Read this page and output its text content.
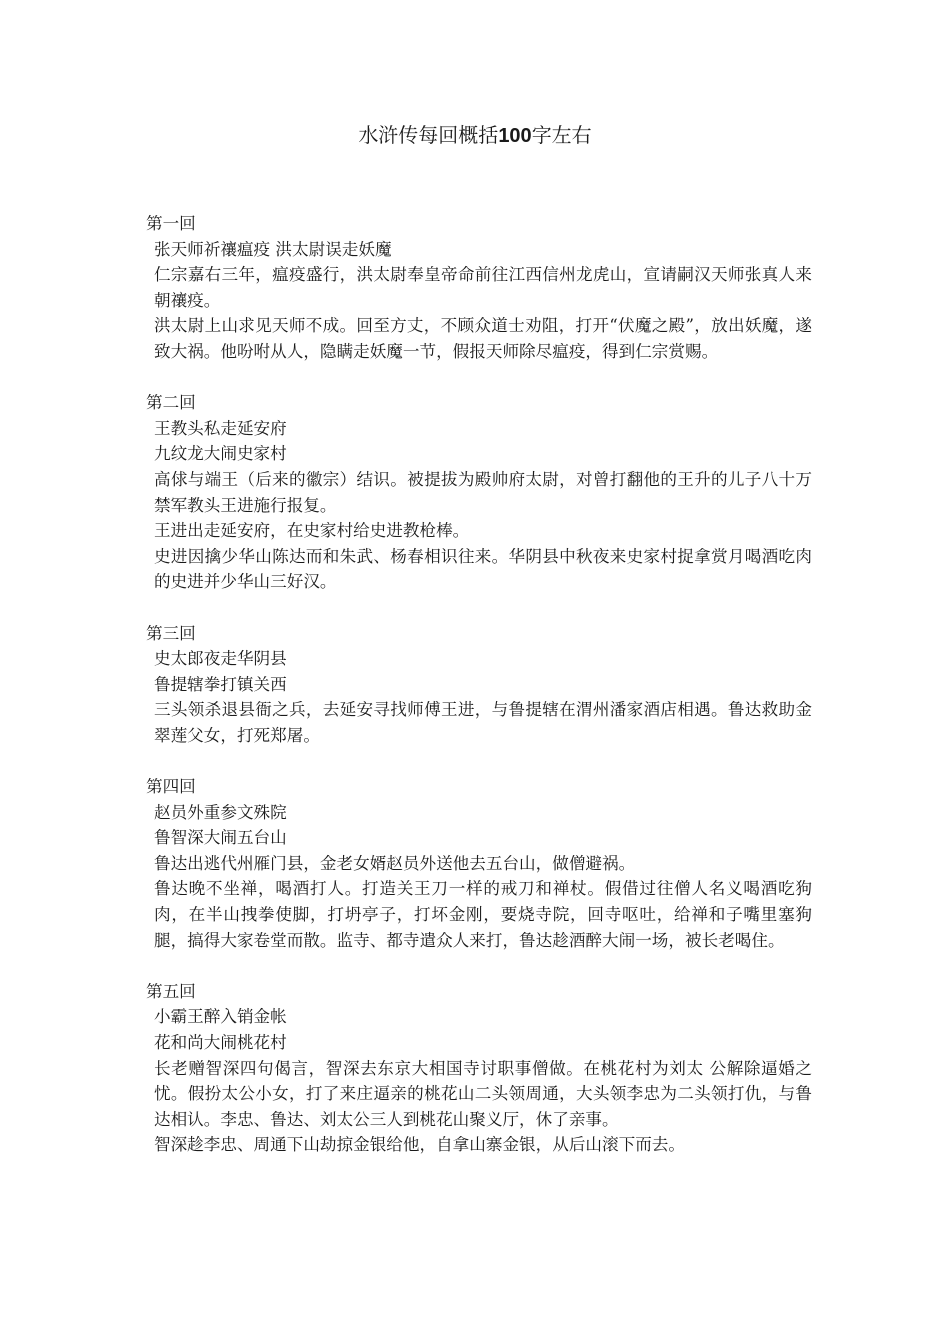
水浒传每回概括100字左右

第一回

张天师祈禳瘟疫 洪太尉误走妖魔

仁宗嘉右三年，瘟疫盛行，洪太尉奉皇帝命前往江西信州龙虎山，宣请嗣汉天师张真人来朝禳疫。

洪太尉上山求见天师不成。回至方丈，不顾众道士劝阻，打开“伏魔之殿”，放出妖魔，遂致大祸。他吩咐从人，隐瞒走妖魔一节，假报天师除尽瘟疫，得到仁宗赏赐。

第二回

王教头私走延安府

九纹龙大闹史家村

高俅与端王（后来的徽宗）结识。被提拔为殿帅府太尉，对曾打翻他的王升的儿子八十万禁军教头王进施行报复。

王进出走延安府，在史家村给史进教枪棒。

史进因擒少华山陈达而和朱武、杨春相识往来。华阴县中秋夜来史家村捉拿赏月喝酒吃肉的史进并少华山三好汉。

第三回

史太郎夜走华阴县

鲁提辖拳打镇关西

三头领杀退县衙之兵，去延安寻找师傅王进，与鲁提辖在渭州潘家酒店相遇。鲁达救助金翠莲父女，打死郑屠。

第四回

赵员外重参文殊院

鲁智深大闹五台山

鲁达出逃代州雁门县，金老女婿赵员外送他去五台山，做僧避祸。

鲁达晚不坐禅，喝酒打人。打造关王刀一样的戒刀和禅杖。假借过往僧人名义喝酒吃狗肉，在半山拽拳使脚，打坍亭子，打坏金刚，要烧寺院，回寺呕吐，给禅和子嘴里塞狗腿，搞得大家卷堂而散。监寺、都寺遣众人来打，鲁达趁酒醉大闹一场，被长老喝住。

第五回

小霸王醉入销金帐

花和尚大闹桃花村

长老赠智深四句偈言，智深去东京大相国寺讨职事僧做。在桃花村为刘太 公解除逼婚之忧。假扮太公小女，打了来庄逼亲的桃花山二头领周通，大头领李忠为二头领打仇，与鲁达相认。李忠、鲁达、刘太公三人到桃花山聚义厅，休了亲事。

智深趁李忠、周通下山劫掠金银给他，自拿山寨金银，从后山滚下而去。
